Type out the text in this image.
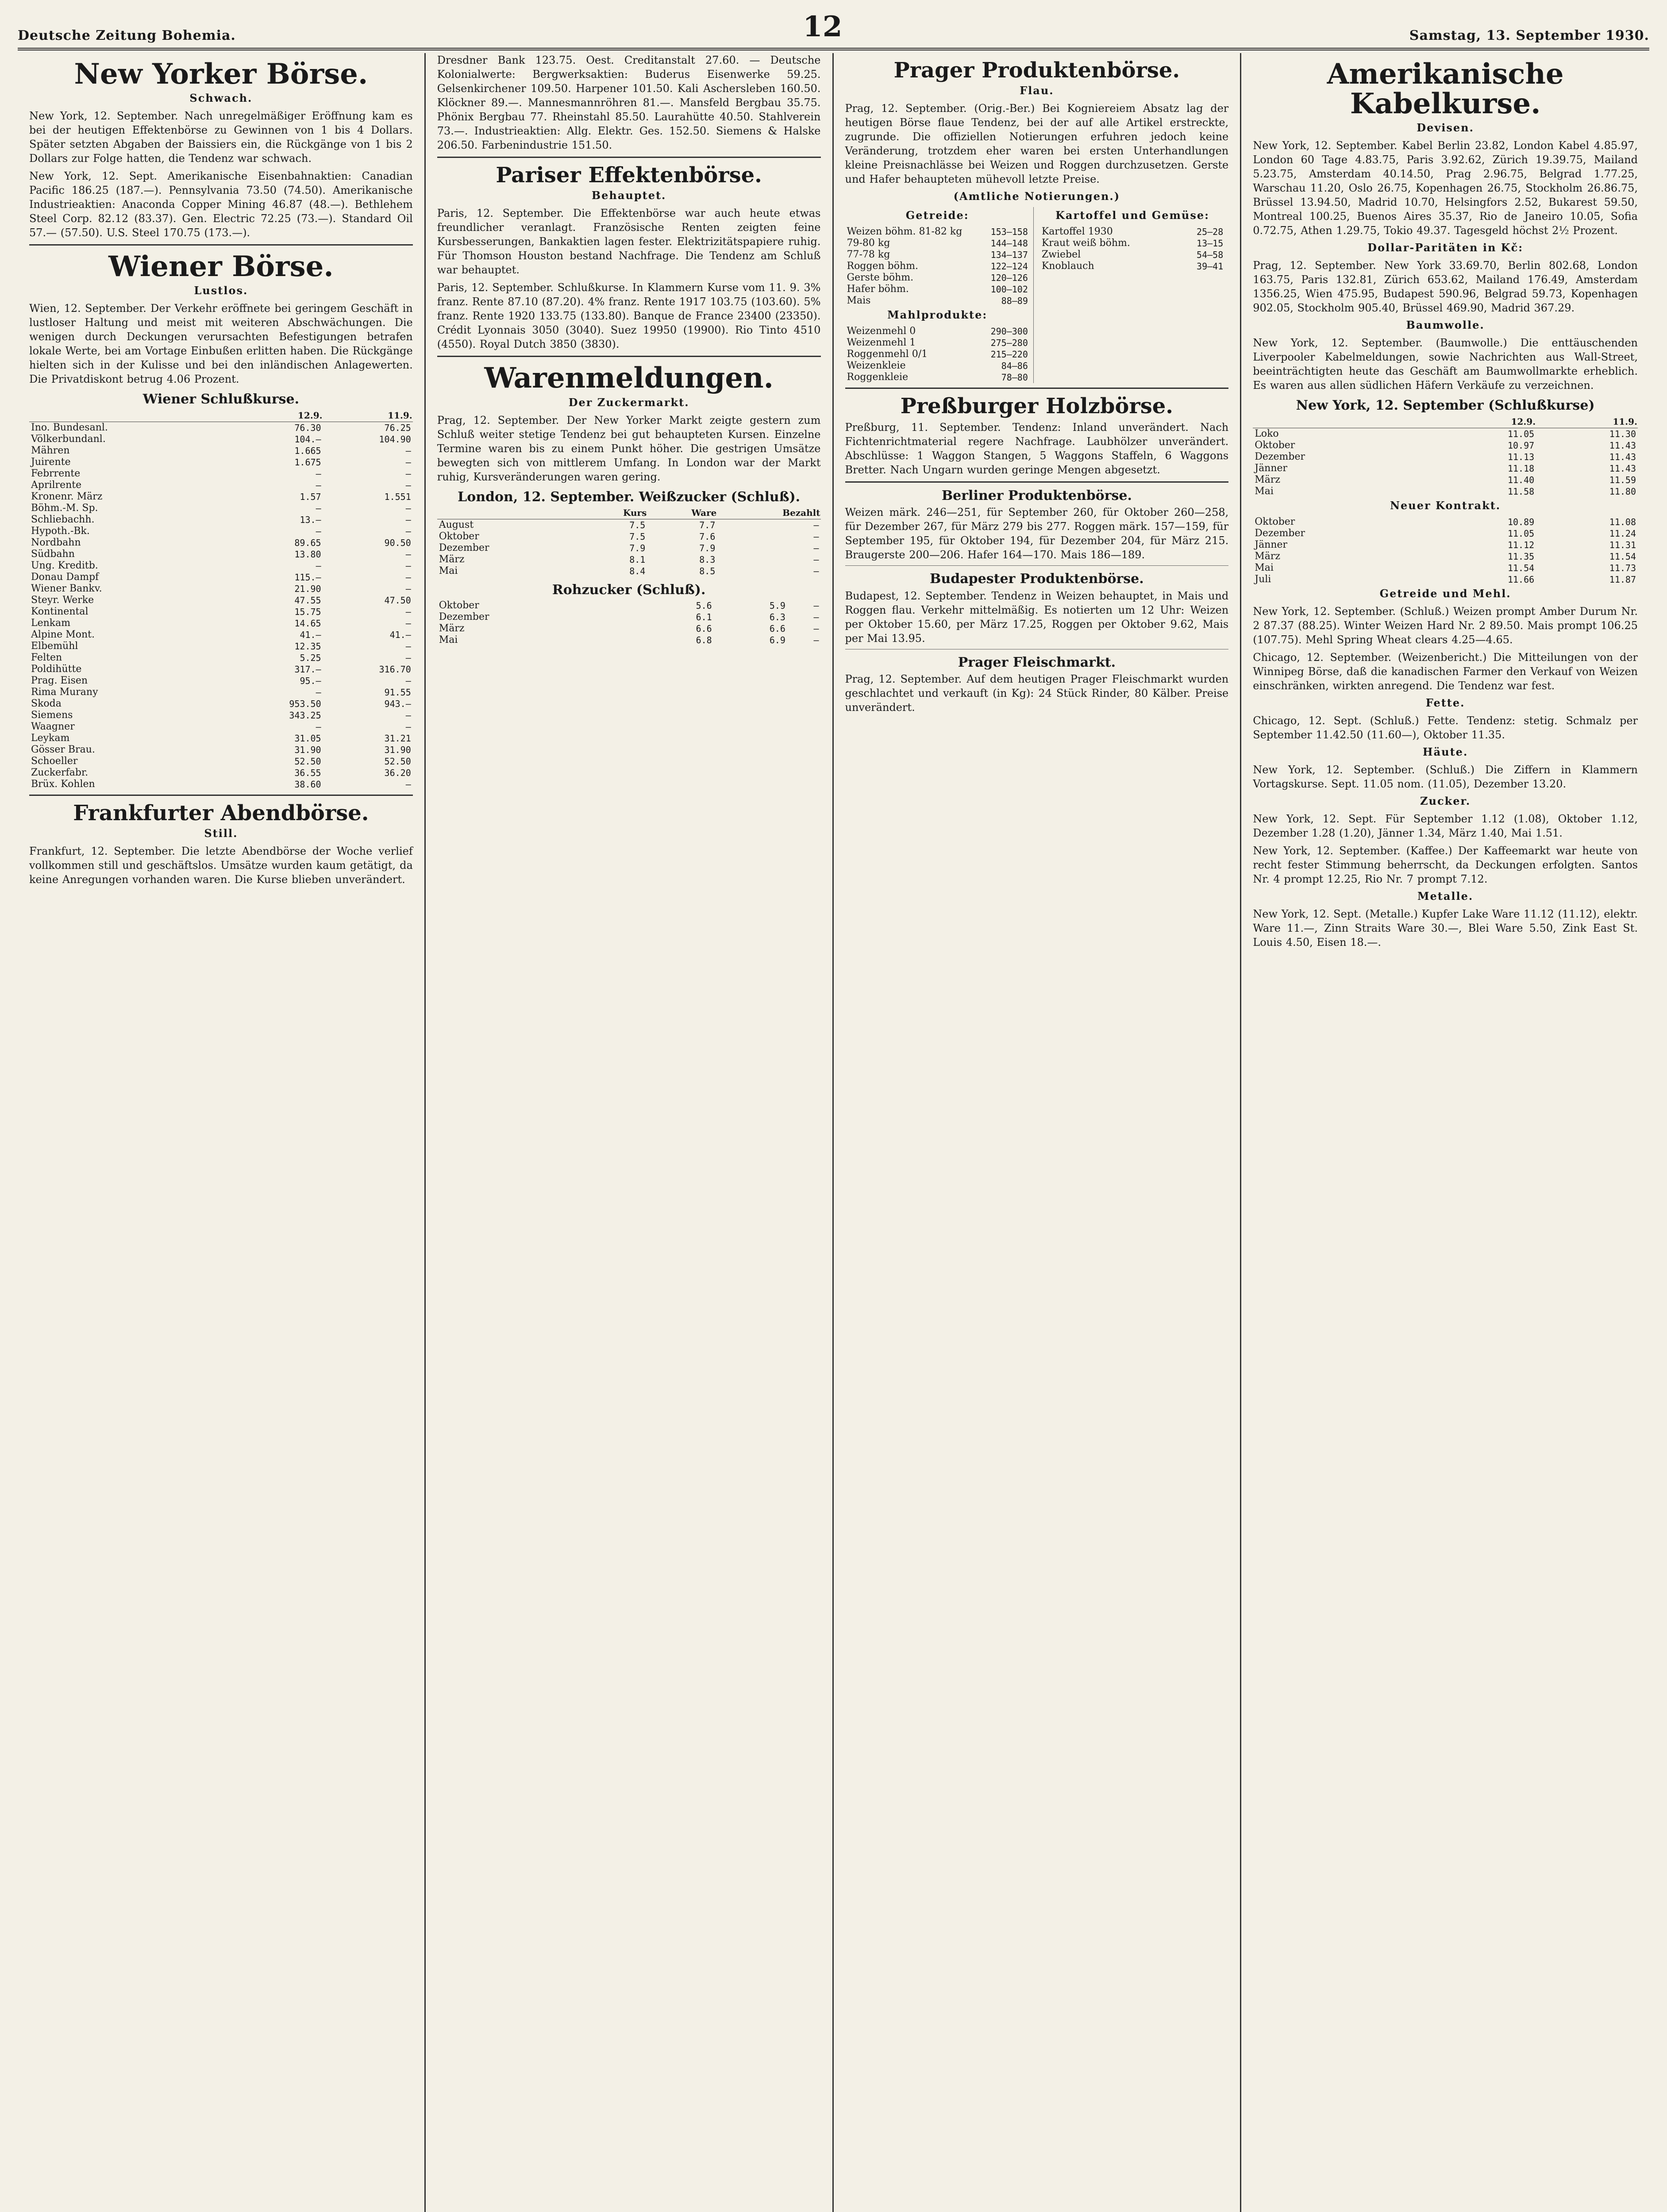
Deutsche Zeitung Bohemia.	12	Samstag, 13. September 1930.
New Yorker Börse.
Schwach.

New York, 12. September. Nach unregelmäßiger Eröffnung kam es bei der heutigen Effektenbörse zu Gewinnen von 1 bis 4 Dollars. Später setzten Abgaben der Baissiers ein, die Rückgänge von 1 bis 2 Dollars zur Folge hatten, die Tendenz war schwach.

New York, 12. Sept. Amerikanische Eisenbahnaktien: Canadian Pacific 186.25 (187.—). Pennsylvania 73.50 (74.50). Amerikanische Industrieaktien: Anaconda Copper Mining 46.87 (48.—). Bethlehem Steel Corp. 82.12 (83.37). Gen. Electric 72.25 (73.—). Standard Oil 57.— (57.50). U.S. Steel 170.75 (173.—).

Wiener Börse.
Lustlos.

Wien, 12. September. Der Verkehr eröffnete bei geringem Geschäft in lustloser Haltung und meist mit weiteren Abschwächungen. Die wenigen durch Deckungen verursachten Befestigungen betrafen lokale Werte, bei am Vortage Einbußen erlitten haben. Die Rückgänge hielten sich in der Kulisse und bei den inländischen Anlagewerten. Die Privatdiskont betrug 4.06 Prozent.

Wiener Schlußkurse.
	12.9.	11.9.
Ino. Bundesanl.	76.30	76.25
Völkerbundanl.	104.—	104.90
Mähren	1.665	—
Juirente	1.675	—
Febrrente	—	—
Aprilrente	—	—
Kronenr. März	1.57	1.551
Böhm.-M. Sp.	—	—
Schliebachh.	13.—	—
Hypoth.-Bk.	—	—
Nordbahn	89.65	90.50
Südbahn	13.80	—
Ung. Kreditb.	—	—
Donau Dampf	115.—	—
Wiener Bankv.	21.90	—
Steyr. Werke	47.55	47.50
Kontinental	15.75	—
Lenkam	14.65	—
Alpine Mont.	41.—	41.—
Elbemühl	12.35	—
Felten	5.25	—
Poldihütte	317.—	316.70
Prag. Eisen	95.—	—
Rima Murany	—	91.55
Skoda	953.50	943.—
Siemens	343.25	—
Waagner	—	—
Leykam	31.05	31.21
Gösser Brau.	31.90	31.90
Schoeller	52.50	52.50
Zuckerfabr.	36.55	36.20
Brüx. Kohlen	38.60	—
Frankfurter Abendbörse.
Still.

Frankfurt, 12. September. Die letzte Abendbörse der Woche verlief vollkommen still und geschäftslos. Umsätze wurden kaum getätigt, da keine Anregungen vorhanden waren. Die Kurse blieben unverändert.

Dresdner Bank 123.75. Oest. Creditanstalt 27.60. — Deutsche Kolonialwerte: Bergwerksaktien: Buderus Eisenwerke 59.25. Gelsenkirchener 109.50. Harpener 101.50. Kali Aschersleben 160.50. Klöckner 89.—. Mannesmannröhren 81.—. Mansfeld Bergbau 35.75. Phönix Bergbau 77. Rheinstahl 85.50. Laurahütte 40.50. Stahlverein 73.—. Industrieaktien: Allg. Elektr. Ges. 152.50. Siemens & Halske 206.50. Farbenindustrie 151.50.

Pariser Effektenbörse.
Behauptet.

Paris, 12. September. Die Effektenbörse war auch heute etwas freundlicher veranlagt. Französische Renten zeigten feine Kursbesserungen, Bankaktien lagen fester. Elektrizitätspapiere ruhig. Für Thomson Houston bestand Nachfrage. Die Tendenz am Schluß war behauptet.

Paris, 12. September. Schlußkurse. In Klammern Kurse vom 11. 9. 3% franz. Rente 87.10 (87.20). 4% franz. Rente 1917 103.75 (103.60). 5% franz. Rente 1920 133.75 (133.80). Banque de France 23400 (23350). Crédit Lyonnais 3050 (3040). Suez 19950 (19900). Rio Tinto 4510 (4550). Royal Dutch 3850 (3830).

Warenmeldungen.
Der Zuckermarkt.

Prag, 12. September. Der New Yorker Markt zeigte gestern zum Schluß weiter stetige Tendenz bei gut behaupteten Kursen. Einzelne Termine waren bis zu einem Punkt höher. Die gestrigen Umsätze bewegten sich von mittlerem Umfang. In London war der Markt ruhig, Kursveränderungen waren gering.

London, 12. September. Weißzucker (Schluß).
	Kurs	Ware	Bezahlt
August	7.5	7.7	—
Oktober	7.5	7.6	—
Dezember	7.9	7.9	—
März	8.1	8.3	—
Mai	8.4	8.5	—
Rohzucker (Schluß).
Oktober	5.6	5.9	—
Dezember	6.1	6.3	—
März	6.6	6.6	—
Mai	6.8	6.9	—
Prager Produktenbörse.
Flau.

Prag, 12. September. (Orig.-Ber.) Bei Kogniereiem Absatz lag der heutigen Börse flaue Tendenz, bei der auf alle Artikel erstreckte, zugrunde. Die offiziellen Notierungen erfuhren jedoch keine Veränderung, trotzdem eher waren bei ersten Unterhandlungen kleine Preisnachlässe bei Weizen und Roggen durchzusetzen. Gerste und Hafer behaupteten mühevoll letzte Preise.

(Amtliche Notierungen.)
Getreide:
Weizen böhm. 81-82 kg	153—158
79-80 kg	144—148
77-78 kg	134—137
Roggen böhm.	122—124
Gerste böhm.	120—126
Hafer böhm.	100—102
Mais	88—89
Mahlprodukte:
Weizenmehl 0	290—300
Weizenmehl 1	275—280
Roggenmehl 0/1	215—220
Weizenkleie	84—86
Roggenkleie	78—80
Kartoffel und Gemüse:
Kartoffel 1930	25—28
Kraut weiß böhm.	13—15
Zwiebel	54—58
Knoblauch	39—41
Preßburger Holzbörse.

Preßburg, 11. September. Tendenz: Inland unverändert. Nach Fichtenrichtmaterial regere Nachfrage. Laubhölzer unverändert. Abschlüsse: 1 Waggon Stangen, 5 Waggons Staffeln, 6 Waggons Bretter. Nach Ungarn wurden geringe Mengen abgesetzt.

Berliner Produktenbörse.

Weizen märk. 246—251, für September 260, für Oktober 260—258, für Dezember 267, für März 279 bis 277. Roggen märk. 157—159, für September 195, für Oktober 194, für Dezember 204, für März 215. Braugerste 200—206. Hafer 164—170. Mais 186—189.

Budapester Produktenbörse.

Budapest, 12. September. Tendenz in Weizen behauptet, in Mais und Roggen flau. Verkehr mittelmäßig. Es notierten um 12 Uhr: Weizen per Oktober 15.60, per März 17.25, Roggen per Oktober 9.62, Mais per Mai 13.95.

Prager Fleischmarkt.

Prag, 12. September. Auf dem heutigen Prager Fleischmarkt wurden geschlachtet und verkauft (in Kg): 24 Stück Rinder, 80 Kälber. Preise unverändert.

Amerikanische Kabelkurse.
Devisen.

New York, 12. September. Kabel Berlin 23.82, London Kabel 4.85.97, London 60 Tage 4.83.75, Paris 3.92.62, Zürich 19.39.75, Mailand 5.23.75, Amsterdam 40.14.50, Prag 2.96.75, Belgrad 1.77.25, Warschau 11.20, Oslo 26.75, Kopenhagen 26.75, Stockholm 26.86.75, Brüssel 13.94.50, Madrid 10.70, Helsingfors 2.52, Bukarest 59.50, Montreal 100.25, Buenos Aires 35.37, Rio de Janeiro 10.05, Sofia 0.72.75, Athen 1.29.75, Tokio 49.37. Tagesgeld höchst 2½ Prozent.

Dollar-Paritäten in Kč:

Prag, 12. September. New York 33.69.70, Berlin 802.68, London 163.75, Paris 132.81, Zürich 653.62, Mailand 176.49, Amsterdam 1356.25, Wien 475.95, Budapest 590.96, Belgrad 59.73, Kopenhagen 902.05, Stockholm 905.40, Brüssel 469.90, Madrid 367.29.

Baumwolle.

New York, 12. September. (Baumwolle.) Die enttäuschenden Liverpooler Kabelmeldungen, sowie Nachrichten aus Wall-Street, beeinträchtigten heute das Geschäft am Baumwollmarkte erheblich. Es waren aus allen südlichen Häfern Verkäufe zu verzeichnen.

New York, 12. September (Schlußkurse)
	12.9.	11.9.
Loko	11.05	11.30
Oktober	10.97	11.43
Dezember	11.13	11.43
Jänner	11.18	11.43
März	11.40	11.59
Mai	11.58	11.80
Neuer Kontrakt.
Oktober	10.89	11.08
Dezember	11.05	11.24
Jänner	11.12	11.31
März	11.35	11.54
Mai	11.54	11.73
Juli	11.66	11.87
Getreide und Mehl.

New York, 12. September. (Schluß.) Weizen prompt Amber Durum Nr. 2 87.37 (88.25). Winter Weizen Hard Nr. 2 89.50. Mais prompt 106.25 (107.75). Mehl Spring Wheat clears 4.25—4.65.

Chicago, 12. September. (Weizenbericht.) Die Mitteilungen von der Winnipeg Börse, daß die kanadischen Farmer den Verkauf von Weizen einschränken, wirkten anregend. Die Tendenz war fest.

Fette.

Chicago, 12. Sept. (Schluß.) Fette. Tendenz: stetig. Schmalz per September 11.42.50 (11.60—), Oktober 11.35.

Häute.

New York, 12. September. (Schluß.) Die Ziffern in Klammern Vortagskurse. Sept. 11.05 nom. (11.05), Dezember 13.20.

Zucker.

New York, 12. Sept. Für September 1.12 (1.08), Oktober 1.12, Dezember 1.28 (1.20), Jänner 1.34, März 1.40, Mai 1.51.

New York, 12. September. (Kaffee.) Der Kaffeemarkt war heute von recht fester Stimmung beherrscht, da Deckungen erfolgten. Santos Nr. 4 prompt 12.25, Rio Nr. 7 prompt 7.12.

Metalle.

New York, 12. Sept. (Metalle.) Kupfer Lake Ware 11.12 (11.12), elektr. Ware 11.—, Zinn Straits Ware 30.—, Blei Ware 5.50, Zink East St. Louis 4.50, Eisen 18.—.
